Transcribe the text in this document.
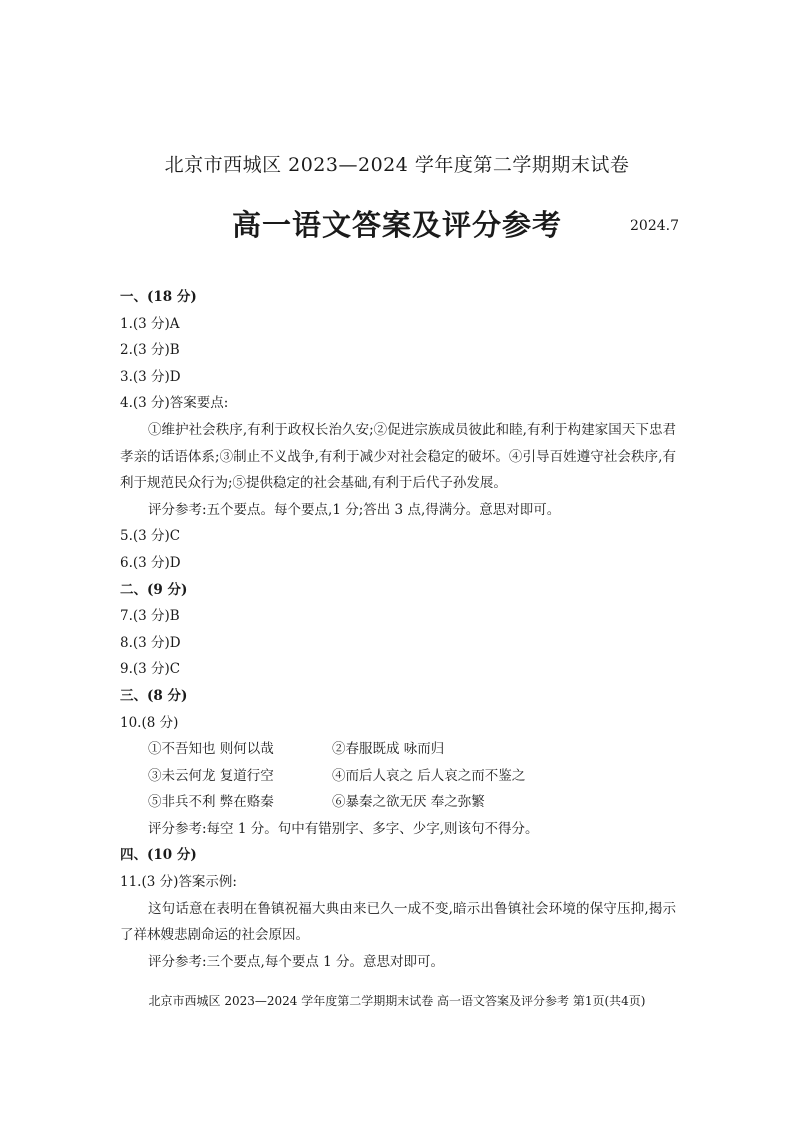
北京市西城区 2023—2024 学年度第二学期期末试卷
高一语文答案及评分参考	2024.7
一、(18 分)
1.(3 分)A
2.(3 分)B
3.(3 分)D
4.(3 分)答案要点:

①维护社会秩序,有利于政权长治久安;②促进宗族成员彼此和睦,有利于构建家国天下忠君孝亲的话语体系;③制止不义战争,有利于减少对社会稳定的破坏。④引导百姓遵守社会秩序,有利于规范民众行为;⑤提供稳定的社会基础,有利于后代子孙发展。

评分参考:五个要点。每个要点,1 分;答出 3 点,得满分。意思对即可。
5.(3 分)C
6.(3 分)D
二、(9 分)
7.(3 分)B
8.(3 分)D
9.(3 分)C
三、(8 分)
10.(8 分)
①不吾知也 则何以哉	②春服既成 咏而归
③未云何龙 复道行空	④而后人哀之 后人哀之而不鉴之
⑤非兵不利 弊在赂秦	⑥暴秦之欲无厌 奉之弥繁
评分参考:每空 1 分。句中有错别字、多字、少字,则该句不得分。
四、(10 分)
11.(3 分)答案示例:

这句话意在表明在鲁镇祝福大典由来已久一成不变,暗示出鲁镇社会环境的保守压抑,揭示了祥林嫂悲剧命运的社会原因。

评分参考:三个要点,每个要点 1 分。意思对即可。
北京市西城区 2023—2024 学年度第二学期期末试卷 高一语文答案及评分参考 第1页(共4页)
